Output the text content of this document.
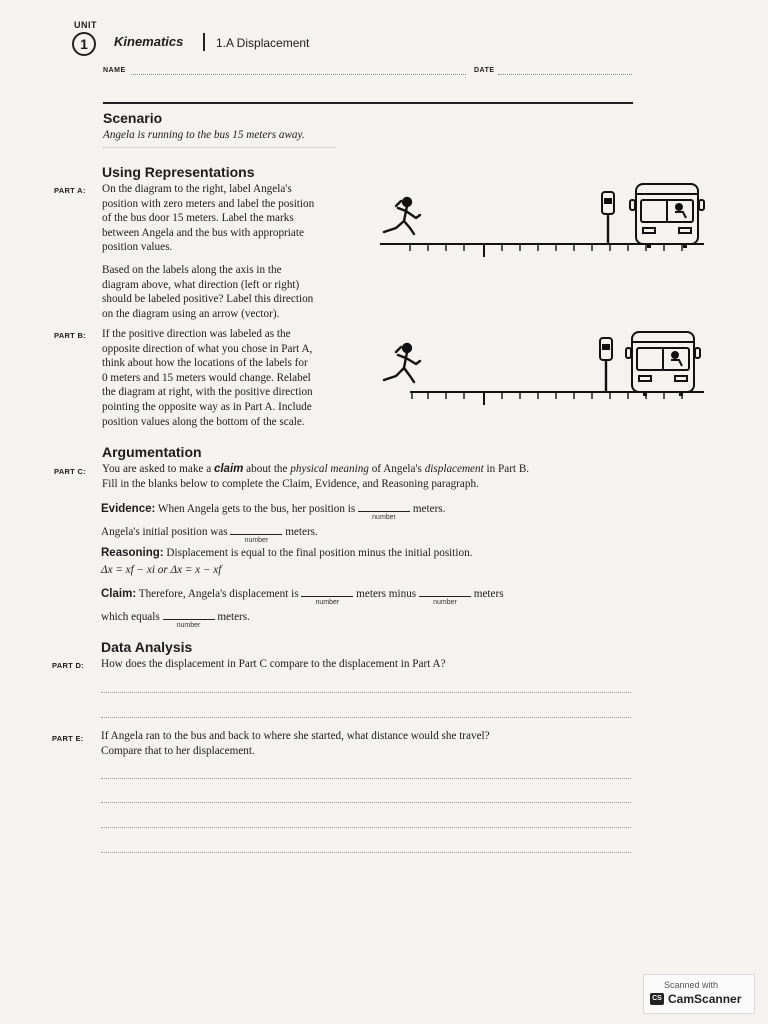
UNIT
1	Kinematics	1.A Displacement
NAME	DATE
Scenario
Angela is running to the bus 15 meters away.
Using Representations
PART A: On the diagram to the right, label Angela's
position with zero meters and label the position
of the bus door 15 meters. Label the marks
between Angela and the bus with appropriate
position values.
Based on the labels along the axis in the
diagram above, what direction (left or right)
should be labeled positive? Label this direction
on the diagram using an arrow (vector).
PART B: If the positive direction was labeled as the
opposite direction of what you chose in Part A,
think about how the locations of the labels for
0 meters and 15 meters would change. Relabel
the diagram at right, with the positive direction
pointing the opposite way as in Part A. Include
position values along the bottom of the scale.
Argumentation
PART C: You are asked to make a claim about the physical meaning of Angela's displacement in Part B.
Fill in the blanks below to complete the Claim, Evidence, and Reasoning paragraph.
Evidence: When Angela gets to the bus, her position is
number
meters.
Angela's initial position was
number
meters.
Reasoning: Displacement is equal to the final position minus the initial position.
Δx = xf − xi or Δx = x − xf
Claim: Therefore, Angela's displacement is
number
meters minus
number
meters
which equals
number
meters.
Data Analysis
PART D: How does the displacement in Part C compare to the displacement in Part A?
PART E: If Angela ran to the bus and back to where she started, what distance would she travel?
Compare that to her displacement.
Scanned with
CS CamScanner
